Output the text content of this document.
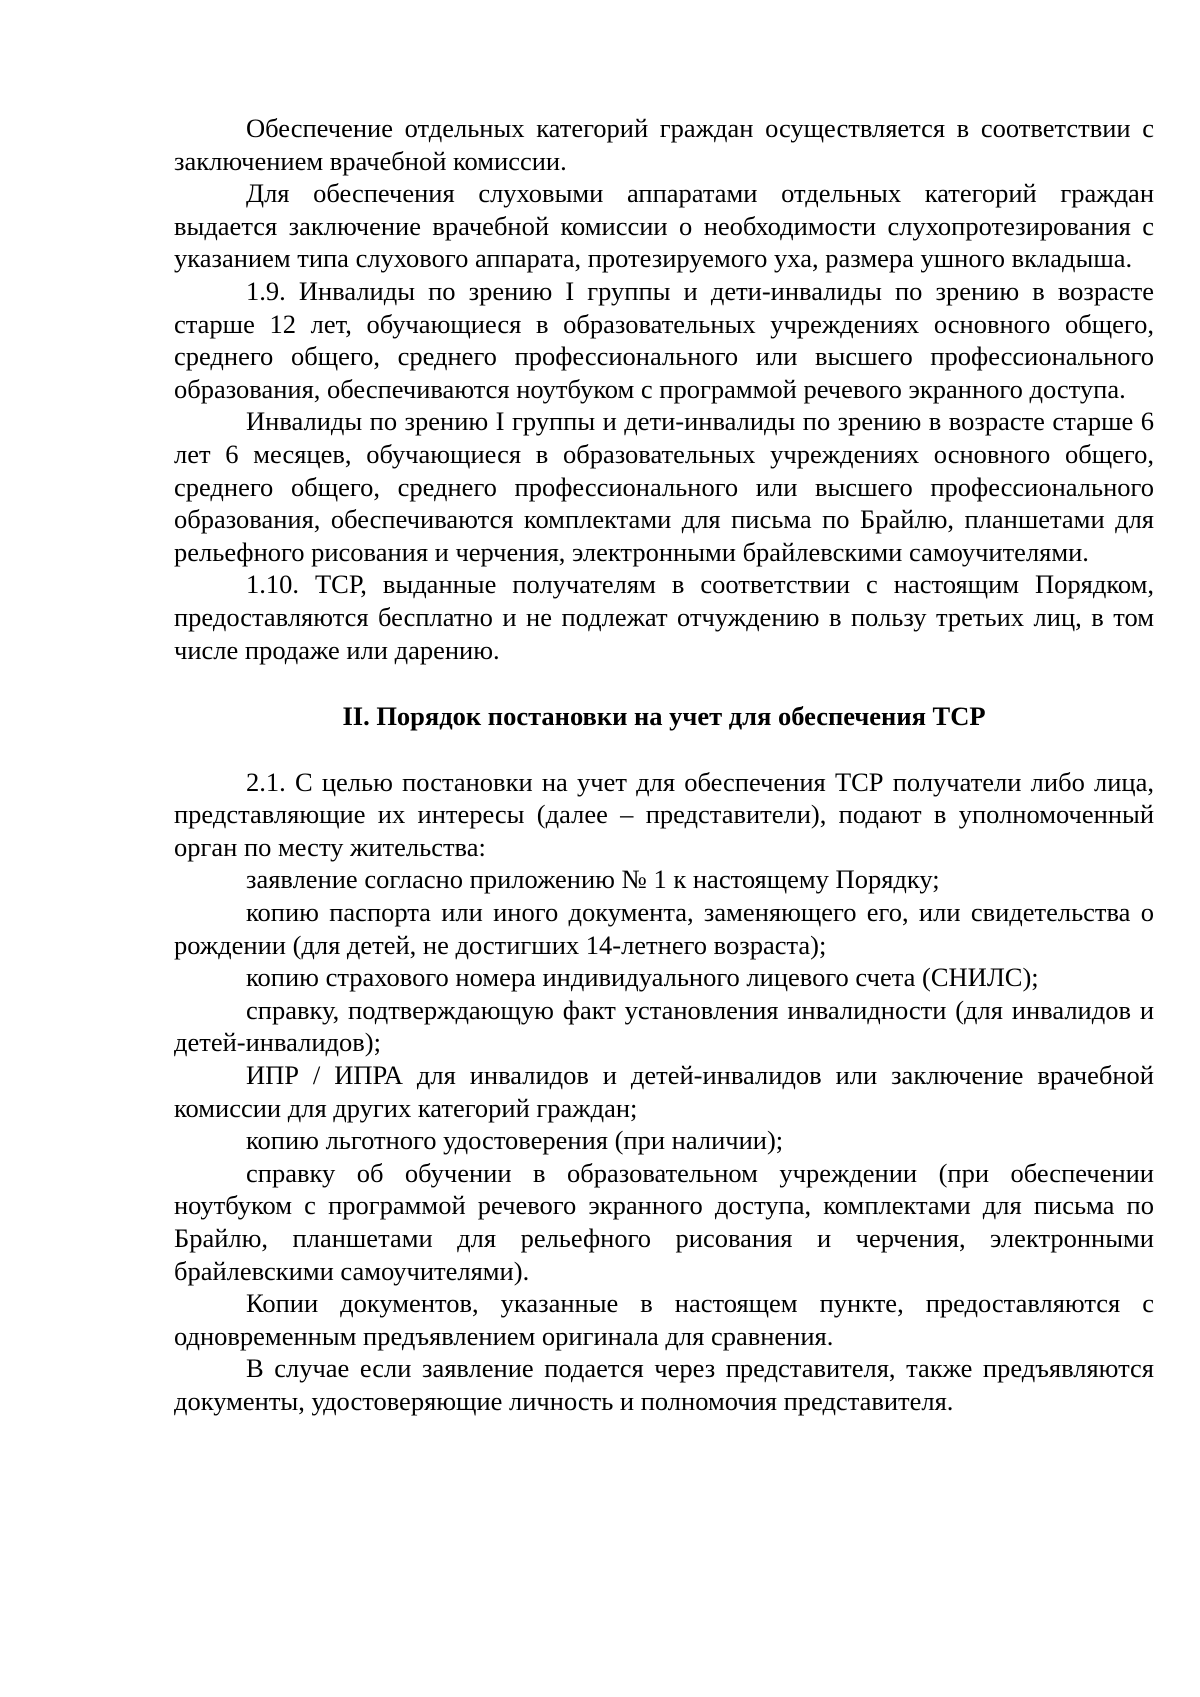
Обеспечение отдельных категорий граждан осуществляется в соответствии с заключением врачебной комиссии.

Для обеспечения слуховыми аппаратами отдельных категорий граждан выдается заключение врачебной комиссии о необходимости слухопротезирования с указанием типа слухового аппарата, протезируемого уха, размера ушного вкладыша.

1.9. Инвалиды по зрению I группы и дети-инвалиды по зрению в возрасте старше 12 лет, обучающиеся в образовательных учреждениях основного общего, среднего общего, среднего профессионального или высшего профессионального образования, обеспечиваются ноутбуком с программой речевого экранного доступа.

Инвалиды по зрению I группы и дети-инвалиды по зрению в возрасте старше 6 лет 6 месяцев, обучающиеся в образовательных учреждениях основного общего, среднего общего, среднего профессионального или высшего профессионального образования, обеспечиваются комплектами для письма по Брайлю, планшетами для рельефного рисования и черчения, электронными брайлевскими самоучителями.

1.10. ТСР, выданные получателям в соответствии с настоящим Порядком, предоставляются бесплатно и не подлежат отчуждению в пользу третьих лиц, в том числе продаже или дарению.

II. Порядок постановки на учет для обеспечения ТСР

2.1. С целью постановки на учет для обеспечения ТСР получатели либо лица, представляющие их интересы (далее – представители), подают в уполномоченный орган по месту жительства:

заявление согласно приложению № 1 к настоящему Порядку;

копию паспорта или иного документа, заменяющего его, или свидетельства о рождении (для детей, не достигших 14-летнего возраста);

копию страхового номера индивидуального лицевого счета (СНИЛС);

справку, подтверждающую факт установления инвалидности (для инвалидов и детей-инвалидов);

ИПР / ИПРА для инвалидов и детей-инвалидов или заключение врачебной комиссии для других категорий граждан;

копию льготного удостоверения (при наличии);

справку об обучении в образовательном учреждении (при обеспечении ноутбуком с программой речевого экранного доступа, комплектами для письма по Брайлю, планшетами для рельефного рисования и черчения, электронными брайлевскими самоучителями).

Копии документов, указанные в настоящем пункте, предоставляются с одновременным предъявлением оригинала для сравнения.

В случае если заявление подается через представителя, также предъявляются документы, удостоверяющие личность и полномочия представителя.
